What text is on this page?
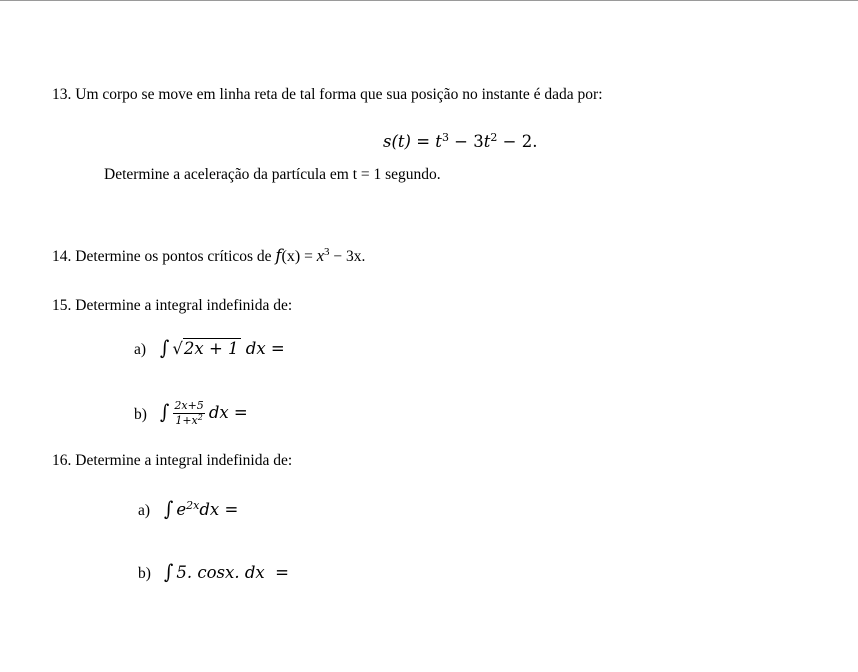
13. Um corpo se move em linha reta de tal forma que sua posição no instante é dada por:
$s(t) = t^3 - 3t^2 - 2$.
Determine a aceleração da partícula em t = 1 segundo.
14. Determine os pontos críticos de $f(x) = x^3 - 3x$.
15. Determine a integral indefinida de:
a) ∫ √2x + 1 dx =
b) ∫ $\frac{2x+5}{1+x^2}$ dx =
16. Determine a integral indefinida de:
a) ∫ $e^{2x}dx$ =
b) ∫ 5. cosx. dx  =
